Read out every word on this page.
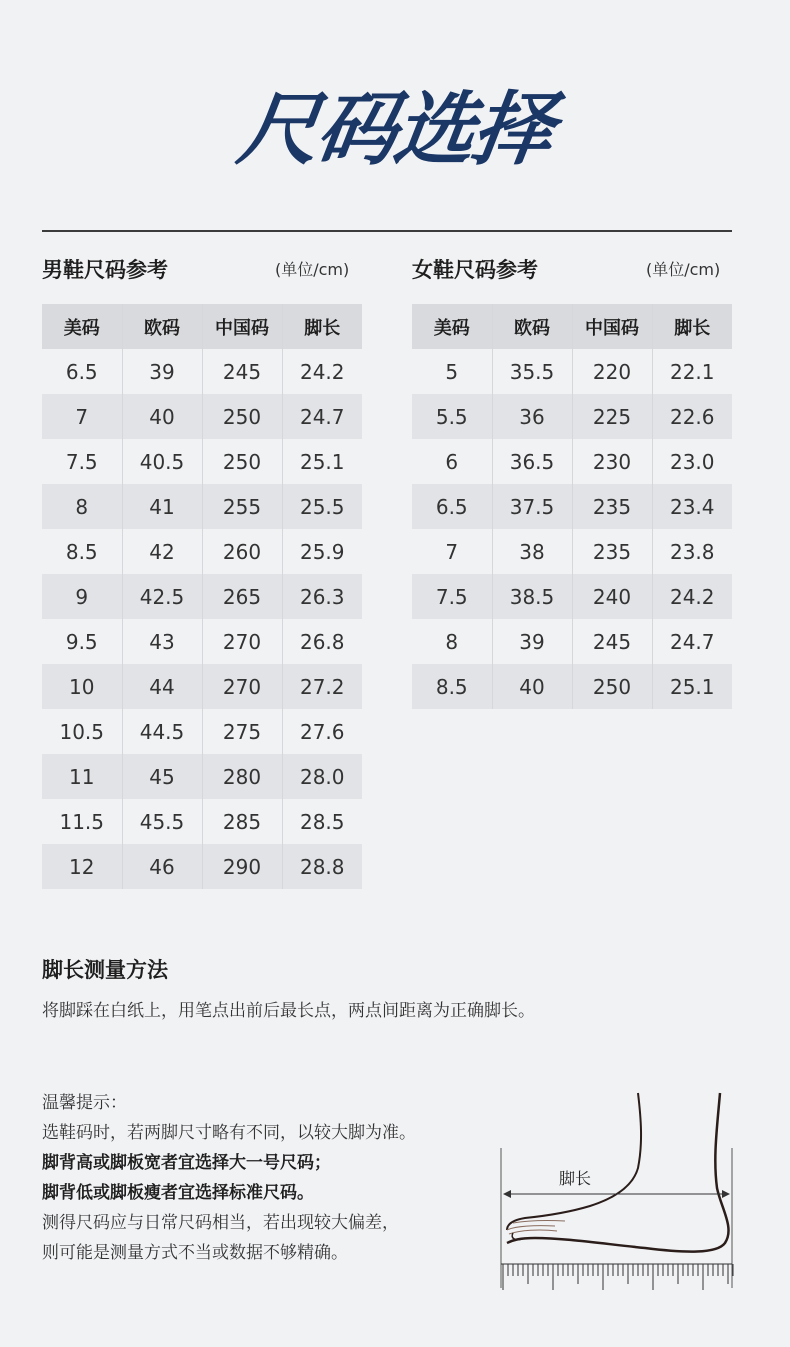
尺码选择
男鞋尺码参考	(单位/cm)
美码	欧码	中国码	脚长
6.5	39	245	24.2
7	40	250	24.7
7.5	40.5	250	25.1
8	41	255	25.5
8.5	42	260	25.9
9	42.5	265	26.3
9.5	43	270	26.8
10	44	270	27.2
10.5	44.5	275	27.6
11	45	280	28.0
11.5	45.5	285	28.5
12	46	290	28.8
女鞋尺码参考	(单位/cm)
美码	欧码	中国码	脚长
5	35.5	220	22.1
5.5	36	225	22.6
6	36.5	230	23.0
6.5	37.5	235	23.4
7	38	235	23.8
7.5	38.5	240	24.2
8	39	245	24.7
8.5	40	250	25.1
脚长测量方法
将脚踩在白纸上，用笔点出前后最长点，两点间距离为正确脚长。
温馨提示：
选鞋码时，若两脚尺寸略有不同，以较大脚为准。
脚背高或脚板宽者宜选择大一号尺码；
脚背低或脚板瘦者宜选择标准尺码。
测得尺码应与日常尺码相当，若出现较大偏差，
则可能是测量方式不当或数据不够精确。
脚长
